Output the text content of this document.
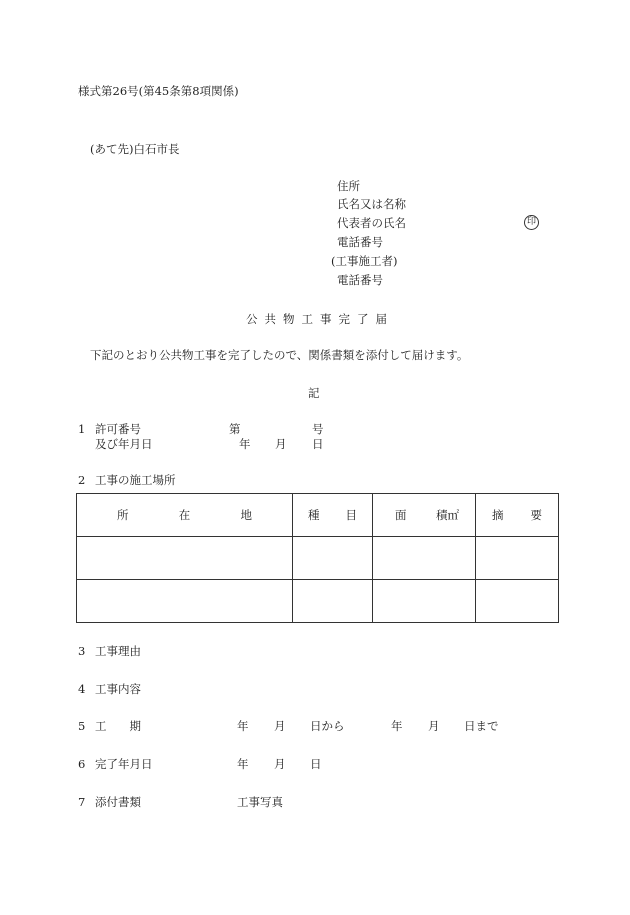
様式第26号(第45条第8項関係)
(あて先)白石市長
住所
氏名又は名称
代表者の氏名	印
電話番号
(工事施工者)
電話番号
公共物工事完了届
下記のとおり公共物工事を完了したので、関係書類を添付して届けます。
記
1 許可番号	第	号
及び年月日	年 月 日
2 工事の施工場所
所 在 地	種 目	面 積㎡	摘 要

3 工事理由
4 工事内容
5 工　　期	年 月 日から	年 月 日まで
6 完了年月日	年 月 日
7 添付書類	工事写真
